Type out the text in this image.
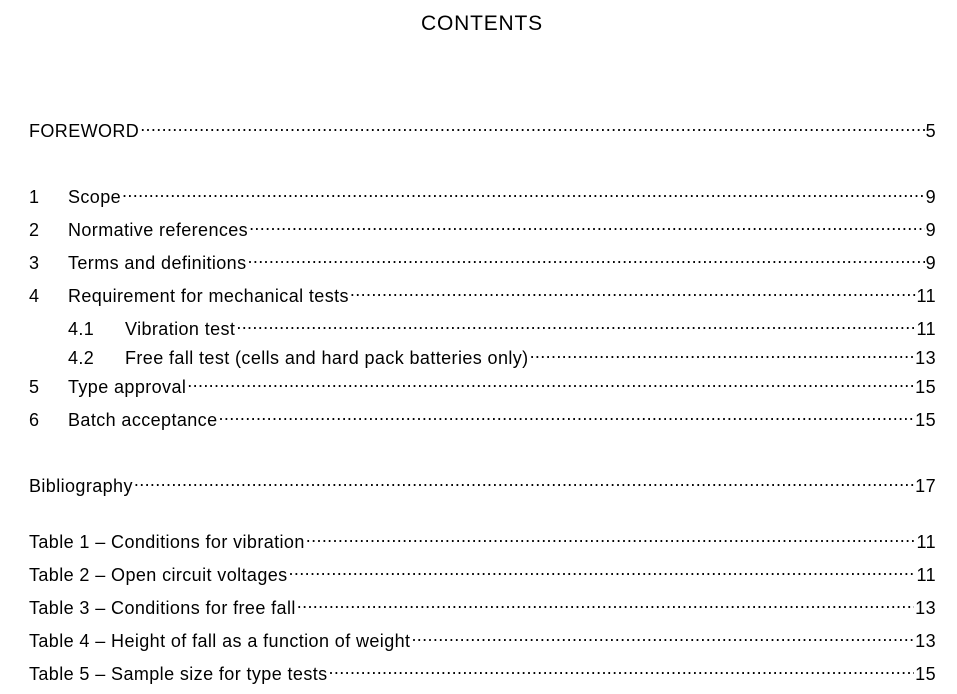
CONTENTS
FOREWORD .....	5
1	Scope .....	9
2	Normative references .....	9
3	Terms and definitions .....	9
4	Requirement for mechanical tests .....	11
4.1	Vibration test .....	11
4.2	Free fall test (cells and hard pack batteries only) .....	13
5	Type approval .....	15
6	Batch acceptance .....	15
Bibliography .....	17
Table 1 – Conditions for vibration .....	11
Table 2 – Open circuit voltages .....	11
Table 3 – Conditions for free fall .....	13
Table 4 – Height of fall as a function of weight .....	13
Table 5 – Sample size for type tests .....	15
